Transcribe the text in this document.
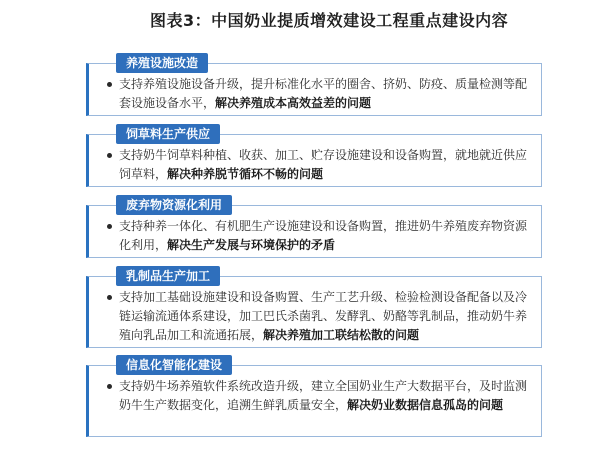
图表3：中国奶业提质增效建设工程重点建设内容
养殖设施改造
支持养殖设施设备升级，提升标准化水平的圈舍、挤奶、防疫、质量检测等配套设施设备水平，解决养殖成本高效益差的问题
饲草料生产供应
支持奶牛饲草料种植、收获、加工、贮存设施建设和设备购置，就地就近供应饲草料，解决种养脱节循环不畅的问题
废弃物资源化利用
支持种养一体化、有机肥生产设施建设和设备购置，推进奶牛养殖废弃物资源化利用，解决生产发展与环境保护的矛盾
乳制品生产加工
支持加工基础设施建设和设备购置、生产工艺升级、检验检测设备配备以及冷链运输流通体系建设，加工巴氏杀菌乳、发酵乳、奶酪等乳制品，推动奶牛养殖向乳品加工和流通拓展，解决养殖加工联结松散的问题
信息化智能化建设
支持奶牛场养殖软件系统改造升级，建立全国奶业生产大数据平台，及时监测奶牛生产数据变化，追溯生鲜乳质量安全，解决奶业数据信息孤岛的问题
